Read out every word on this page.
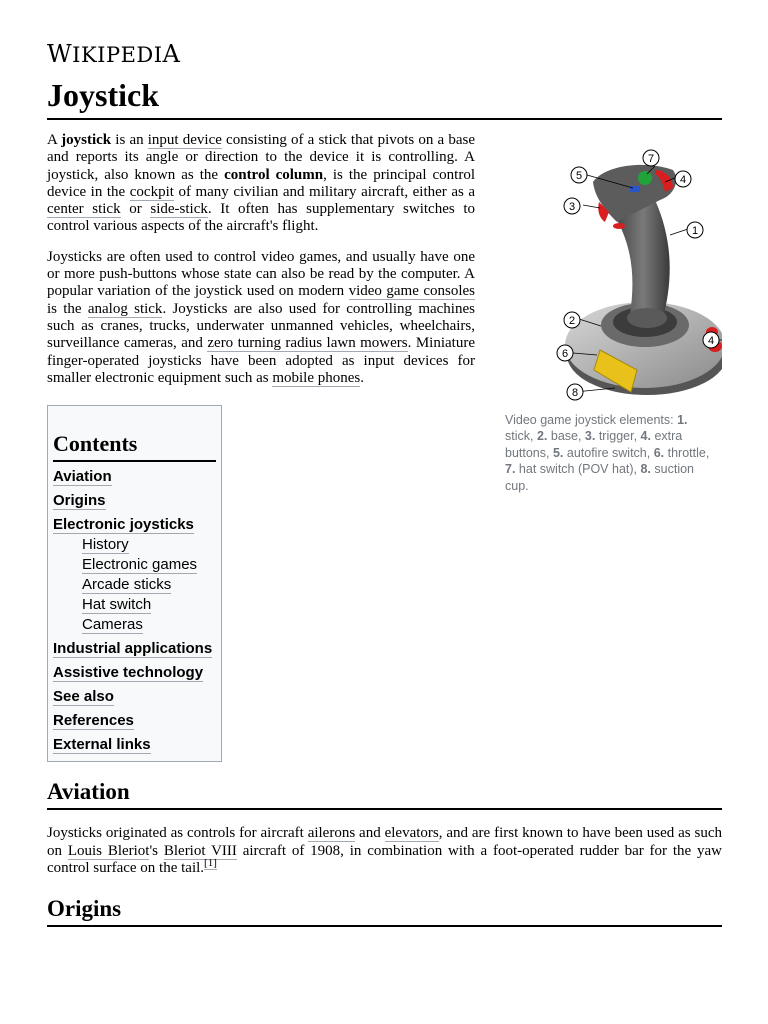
WIKIPEDIA
Joystick

A joystick is an input device consisting of a stick that pivots on a base and reports its angle or direction to the device it is controlling. A joystick, also known as the control column, is the principal control device in the cockpit of many civilian and military aircraft, either as a center stick or side-stick. It often has supplementary switches to control various aspects of the aircraft's flight.

Joysticks are often used to control video games, and usually have one or more push-buttons whose state can also be read by the computer. A popular variation of the joystick used on modern video game consoles is the analog stick. Joysticks are also used for controlling machines such as cranes, trucks, underwater unmanned vehicles, wheelchairs, surveillance cameras, and zero turning radius lawn mowers. Miniature finger-operated joysticks have been adopted as input devices for smaller electronic equipment such as mobile phones.

5
7
4
3
1
2
4
6
8
Video game joystick elements: 1. stick, 2. base, 3. trigger, 4. extra buttons, 5. autofire switch, 6. throttle, 7. hat switch (POV hat), 8. suction cup.
Contents
Aviation
Origins
Electronic joysticks
History
Electronic games
Arcade sticks
Hat switch
Cameras
Industrial applications
Assistive technology
See also
References
External links
Aviation

Joysticks originated as controls for aircraft ailerons and elevators, and are first known to have been used as such on Louis Bleriot's Bleriot VIII aircraft of 1908, in combination with a foot-operated rudder bar for the yaw control surface on the tail.[1]

Origins
